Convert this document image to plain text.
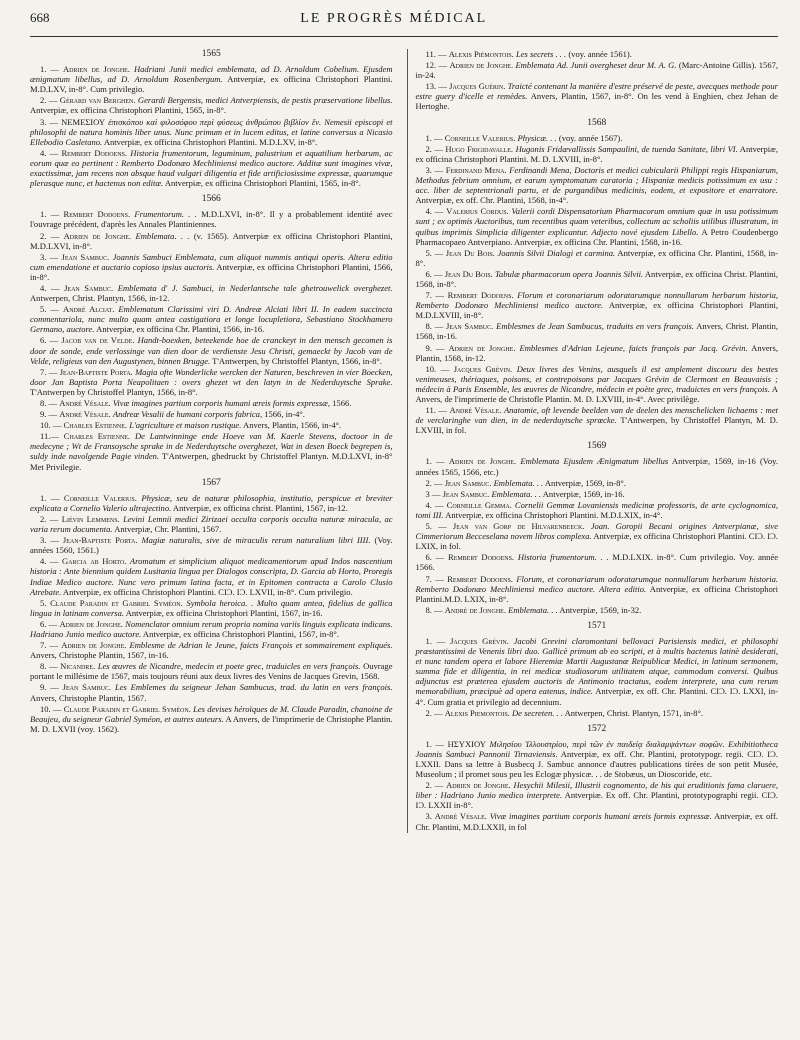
668	LE PROGRÈS MÉDICAL
1565

1. — Adrien de Jonghe. Hadriani Junii medici emblemata, ad D. Arnoldum Cobelium. Ejusdem ænigmatum libellus, ad D. Arnoldum Rosenbergum. Antverpiæ, ex officina Christophori Plantini. M.D.LXV, in-8°. Cum privilegio.

2. — Gérard van Berghen. Gerardi Bergensis, medici Antverpiensis, de pestis præservatione libellus. Antverpiæ, ex officina Christophori Plantini, 1565, in-8°.

3. — ΝΕΜΕΣΙΟΥ ἐπισκόπου καὶ φιλοσόφου περὶ φύσεως ἀνθρώπου βιβλίον ἕν. Nemesii episcopi et philosophi de natura hominis liber unus. Nunc primum et in lucem editus, et latine conversus a Nicasio Ellebodio Casletano. Antverpiæ, ex officina Christophori Plantini. M.D.LXV, in-8°.

4. — Rembert Dodoens. Historia frumentorum, leguminum, palustrium et aquatilium herbarum, ac eorum quæ eo pertinent : Remberto Dodonæo Mechliniensi medico auctore. Additæ sunt imagines vivæ, exactissimæ, jam recens non absque haud vulgari diligentia et fide artificiosissime expressæ, quarumque plerasque nunc, et hactenus non editæ. Antverpiæ, ex officina Christophori Plantini, 1565, in-8°.

1566

1. — Rembert Dodoens. Frumentorum. . . M.D.LXVI, in-8°. Il y a probablement identité avec l'ouvrage précédent, d'après les Annales Plantiniennes.

2. — Adrien de Jonghe. Emblemata. . . (v. 1565). Antverpiæ ex officina Christophori Plantini, M.D.LXVI, in-8°.

3. — Jean Sambuc. Joannis Sambuci Emblemata, cum aliquot nummis antiqui operis. Altera editio cum emendatione et auctario copioso ipsius auctoris. Antverpiæ, ex officina Christophori Plantini, 1566, in-8°.

4. — Jean Sambuc. Emblemata d' J. Sambuci, in Nederlantsche tale ghetrouwelick overghezet. Antwerpen, Christ. Plantyn, 1566, in-12.

5. — André Alciat. Emblematum Clarissimi viri D. Andreæ Alciati libri II. In eadem succincta commentariola, nunc multo quam antea castigatiora et longe locupletiora, Sebastiano Stockhamero Germano, auctore. Antverpiæ, ex officina Chr. Plantini, 1566, in-16.

6. — Jacob van de Velde. Handt-boexken, beteekende hoe de cranckeyt in den mensch gecomen is door de sonde, ende verlossinge van dien door de verdienste Jesu Christi, gemaeckt by Jacob van de Velde, religieus van den Augustynen, binnen Brugge. T'Antwerpen, by Christoffel Plantyn, 1566, in-8°.

7. — Jean-Baptiste Porta. Magia ofte Wonderlicke wercken der Naturen, beschreven in vier Boecken, door Jan Baptista Porta Neapolitaen : overs ghezet wt den latyn in de Nederduytsche Sprake. T'Antwerpen by Christoffel Plantyn, 1566, in-8°.

8. — André Vésale. Vivæ imagines partium corporis humani æreis formis expressæ, 1566.

9. — André Vésale. Andreæ Vesalii de humani corporis fabrica, 1566, in-4°.

10. — Charles Estienne. L'agriculture et maison rustique. Anvers, Plantin, 1566, in-4°.

11.— Charles Estienne. De Lantwinninge ende Hoeve van M. Kaerle Stevens, doctoor in de medecyne ; Wt de Fransoysche sprake in de Nederduytsche overghezet, Wat in desen Boeck begrepen is, suldy inde navolgende Pagie vinden. T'Antwerpen, ghedruckt by Christoffel Plantyn. M.D.LXVI, in-8° Met Privilegie.

1567

1. — Corneille Valerius. Physicæ, seu de naturæ philosophia, institutio, perspicue et breviter explicata a Cornelio Valerio ultrajectino. Antverpiæ, ex officina christ. Plantini, 1567, in-12.

2. — Liévin Lemmens. Levini Lemnii medici Zirizaei occulta corporis occulta naturæ miracula, ac varia rerum documenta. Antverpiæ, Chr. Plantini, 1567.

3. — Jean-Baptiste Porta. Magiæ naturalis, sive de miraculis rerum naturalium libri IIII. (Voy. années 1560, 1561.)

4. — Garcia ab Horto. Aromatum et simplicium aliquot medicamentorum apud Indos nascentium historia : Ante biennium quidem Lusitania lingua per Dialogos conscripta, D. Garcia ab Horto, Proregis Indiae Medico auctore. Nunc vero primum latina facta, et in Epitomen contracta a Carolo Clusio Atrebate. Antverpiæ, ex officina Christophori Plantini. CIƆ. IƆ. LXVII, in-8°. Cum privilegio.

5. Claude Paradin et Gabriel Syméon. Symbola heroica. . Multo quam antea, fidelius de gallica lingua in latinam conversa. Antverpiæ, ex officina Christophori Plantini, 1567, in-16.

6. — Adrien de Jonghe. Nomenclator omnium rerum propria nomina variis linguis explicata indicans. Hadriano Junio medico auctore. Antverpiæ, ex officina Christophori Plantini, 1567, in-8°.

7. — Adrien de Jonghe. Emblesme de Adrian le Jeune, faicts François et sommairement expliqués. Anvers, Christophe Plantin, 1567, in-16.

8. — Nicandre. Les œuvres de Nicandre, medecin et poete grec, traduicles en vers françois. Ouvrage portant le millésime de 1567, mais toujours réuni aux deux livres des Venins de Jacques Grevin, 1568.

9. — Jean Sambuc. Les Emblemes du seigneur Jehan Sambucus, trad. du latin en vers françois. Anvers, Christophe Plantin, 1567.

10. — Claude Paradin et Gabriel Syméon. Les devises héroïques de M. Claude Paradin, chanoine de Beaujeu, du seigneur Gabriel Syméon, et autres auteurs. A Anvers, de l'imprimerie de Christophe Plantin. M. D. LXVII (voy. 1562).

11. — Alexis Piémontois. Les secrets . . . (voy. année 1561).

12. — Adrien de Jonghe. Emblemata Ad. Junii overgheset deur M. A. G. (Marc-Antoine Gillis). 1567, in-24.

13. — Jacques Guérin. Traicté contenant la manière d'estre préservé de peste, avecques methode pour estre guery d'icelle et remèdes. Anvers, Plantin, 1567, in-8°. On les vend à Enghien, chez Jehan de Hertoghe.

1568

1. — Corneille Valerius. Physicæ. . . (voy. année 1567).

2. — Hugo Frigidavalle. Hugonis Fridævallissis Sampaulini, de tuenda Sanitate, libri VI. Antverpiæ, ex officina Christophori Plantini. M. D. LXVIII, in-8°.

3. — Ferdinand Mena. Ferdinandi Mena, Doctoris et medici cubicularii Philippi regis Hispaniarum, Methodus febrium omnium, et earum symptomatum curatoria ; Hispaniæ medicis potissimum ex usu : acc. liber de septentrionali partu, et de purgandibus medicinis, eodem, et expositore et enarratore. Antverpiæ, ex off. Chr. Plantini, 1568, in-4°.

4. — Valerius Cordus. Valerii cordi Dispensatorium Pharmacorum omnium quæ in usu potissimum sunt ; ex optimis Auctoribus, tum recentibus quam veteribus, collectum ac scholiis utilibus illustratum, in quibus imprimis Simplicia diligenter explicantur. Adjecto nové ejusdem Libello. A Petro Coudenbergo Pharmacopaeo Antverpiano. Antverpiæ, ex officina Chr. Plantini, 1568, in-16.

5. — Jean Du Bois. Joannis Silvii Dialogi et carmina. Antverpiæ, ex officina Chr. Plantini, 1568, in-8°.

6. — Jean Du Bois. Tabulæ pharmacorum opera Joannis Silvii. Antverpiæ, ex officina Christ. Plantini, 1568, in-8°.

7. — Rembert Dodoens. Florum et coronariarum odoratarumque nonnullarum herbarum historia, Remberto Dodonæo Mechliniensi medico auctore. Antverpiæ, ex officina Christophori Plantini, M.D.LXVIII, in-8°.

8. — Jean Sambuc. Emblesmes de Jean Sambucus, traduits en vers françois. Anvers, Christ. Plantin, 1568, in-16.

9. — Adrien de Jonghe. Emblesmes d'Adrian Lejeune, faicts françois par Jacq. Grévin. Anvers, Plantin, 1568, in-12.

10. — Jacques Grévin. Deux livres des Venins, ausquels il est amplement discouru des bestes venimeuses, thériaques, poisons, et contrepoisons par Jacques Grévin de Clermont en Beauvaisis ; médecin à Paris Ensemble, les œuvres de Nicandre, médecin et poète grec, traduictes en vers françois. A Anvers, de l'imprimerie de Christofle Plantin. M. D. LXVIII, in-4°. Avec privilège.

11. — André Vésale. Anatomie, oft levende beelden van de deelen des menschelicken lichaems : met de verclaringhe van dien, in de nederduytsche sprœcke. T'Antwerpen, by Christoffel Plantyn, M. D. LXVIII, in fol.

1569

1. — Adrien de Jonghe. Emblemata Ejusdem Ænigmatum libellus Antverpiæ, 1569, in-16 (Voy. années 1565, 1566, etc.)

2. — Jean Sambuc. Emblemata. . . Antverpiæ, 1569, in-8°.

3 — Jean Sambuc. Emblemata. . . Antverpiæ, 1569, in-16.

4. — Corneille Gemma. Cornelii Gemmæ Lovaniensis medicinæ professoris, de arte cyclognomica, tomi III. Antverpiæ, ex officina Christophori Plantini. M.D.LXIX, in-4°.

5. — Jean van Gorp de Hilvarenbeeck. Joan. Goropii Becani origines Antverpianæ, sive Cimmeriorum Becceselana novem libros complexa. Antverpiæ, ex officina Christophori Plantini. CIƆ. IƆ. LXIX, in fol.

6. — Rembert Dodoens. Historia frumentorum. . . M.D.LXIX. in-8°. Cum privilegio. Voy. année 1566.

7. — Rembert Dodoens. Florum, et coronariarum odoratarumque nonnullarum herbarum historia. Remberto Dodonæo Mechliniensi medico auctore. Altera editio. Antverpiæ, ex officina Christophori Plantini.M.D. LXIX, in-8°.

8. — André de Jonghe. Emblemata. . . Antverpiæ, 1569, in-32.

1571

1. — Jacques Grévin. Jacobi Grevini claromontani bellovaci Parisiensis medici, et philosophi præstantissimi de Venenis libri duo. Gallicè primum ab eo scripti, et à multis hactenus latinè desiderati, et nunc tandem opera et labore Hieremiæ Martii Augustanæ Reipublicæ Medici, in latinum sermonem, summa fide et diligentia, in rei medicæ studiosorum utilitatem atque, commodum conversi. Quibus adjunctus est præterea ejusdem auctoris de Antimonio tractatus, eodem interprete, una cum rerum memorabilium, præcipuè ad opera eatenus, indice. Antverpiæ, ex off. Chr. Plantini. CIƆ. IƆ. LXXI, in-4°. Cum gratia et privilegio ad decennium.

2. — Alexis Piemontois. De secreten. . . Antwerpen, Christ. Plantyn, 1571, in-8°.

1572

1. — ΗΣΥΧΙΟΥ Μιλησίου Ἰλλουστρίου, περὶ τῶν ἐν παιδείᾳ διαλαμψάντων σοφῶν. Exhibitiotheca Joannis Sambuci Pannonii Tirnaviensis. Antverpiæ, ex off. Chr. Plantini, prototypogr. regii. CIƆ. IƆ. LXXII. Dans sa lettre à Busbecq J. Sambuc annonce d'autres publications tirées de son petit Musée, Museolum ; il promet sous peu les Eclogæ physicæ. . . de Stobæus, un Dioscoride, etc.

2. — Adrien de Jonghe. Hesychii Milesii, Illustrii cognomento, de his qui eruditionis fama claruere, liber : Hadriano Junio medico interprete. Antverpiæ. Ex off. Chr. Plantini, prototypographi regii. CIƆ. IƆ. LXXII in-8°.

3. André Vésale. Vivæ imagines partium corporis humani æreis formis expressæ. Antverpiæ, ex off. Chr. Plantini, M.D.LXXII, in fol
